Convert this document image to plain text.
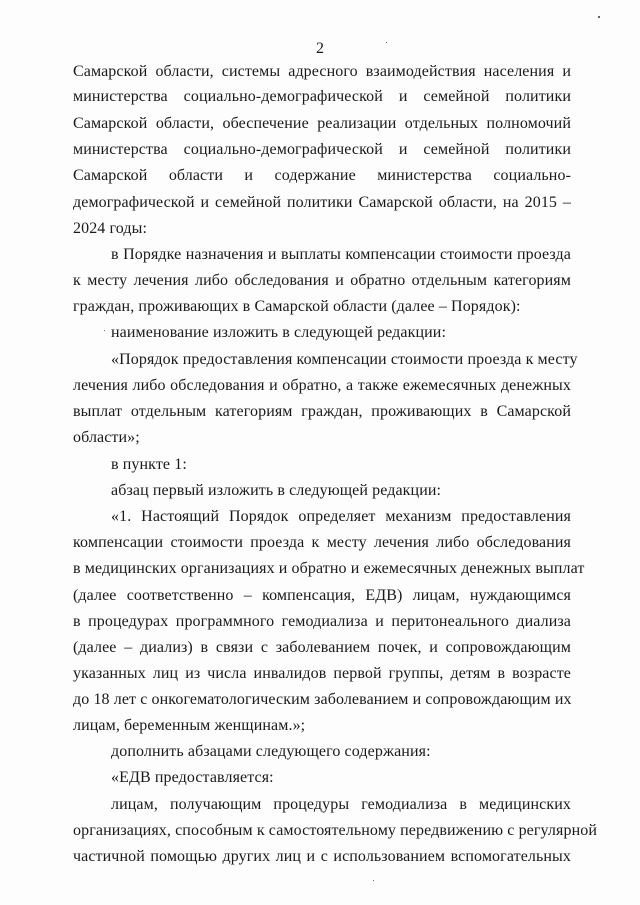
2
Самарской области, системы адресного взаимодействия населения и
министерства социально-демографической и семейной политики
Самарской области, обеспечение реализации отдельных полномочий
министерства социально-демографической и семейной политики
Самарской области и содержание министерства социально-
демографической и семейной политики Самарской области, на 2015 –
2024 годы:
в Порядке назначения и выплаты компенсации стоимости проезда
к месту лечения либо обследования и обратно отдельным категориям
граждан, проживающих в Самарской области (далее – Порядок):
наименование изложить в следующей редакции:
«Порядок предоставления компенсации стоимости проезда к месту
лечения либо обследования и обратно, а также ежемесячных денежных
выплат отдельным категориям граждан, проживающих в Самарской
области»;
в пункте 1:
абзац первый изложить в следующей редакции:
«1. Настоящий Порядок определяет механизм предоставления
компенсации стоимости проезда к месту лечения либо обследования
в медицинских организациях и обратно и ежемесячных денежных выплат
(далее соответственно – компенсация, ЕДВ) лицам, нуждающимся
в процедурах программного гемодиализа и перитонеального диализа
(далее – диализ) в связи с заболеванием почек, и сопровождающим
указанных лиц из числа инвалидов первой группы, детям в возрасте
до 18 лет с онкогематологическим заболеванием и сопровождающим их
лицам, беременным женщинам.»;
дополнить абзацами следующего содержания:
«ЕДВ предоставляется:
лицам, получающим процедуры гемодиализа в медицинских
организациях, способным к самостоятельному передвижению с регулярной
частичной помощью других лиц и с использованием вспомогательных
